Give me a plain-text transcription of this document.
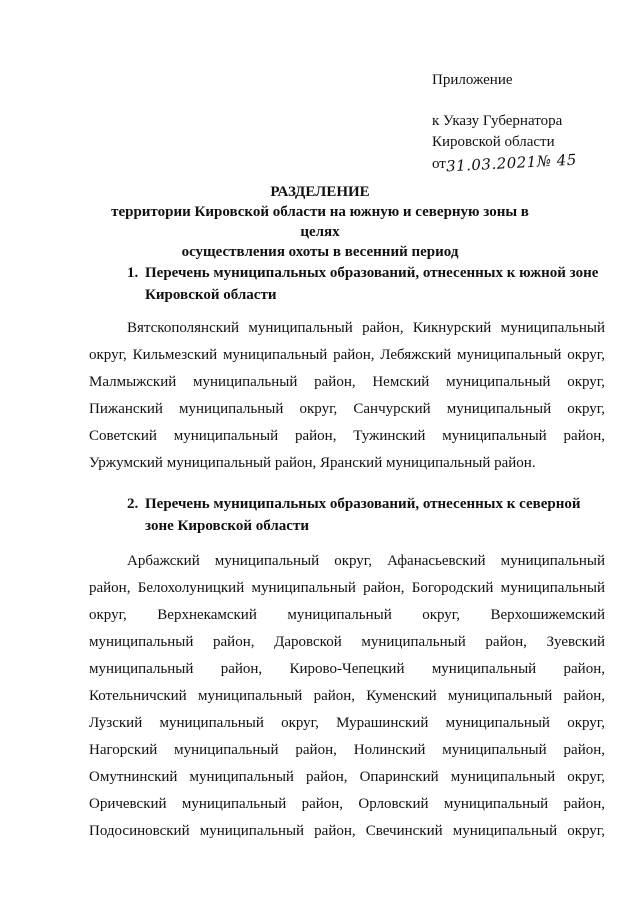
Приложение
к Указу Губернатора
Кировской области
от31.03.2021№ 45
РАЗДЕЛЕНИЕ
территории Кировской области на южную и северную зоны в целях
осуществления охоты в весенний период
1. Перечень муниципальных образований, отнесенных к южной зоне
Кировской области
Вятскополянский муниципальный район, Кикнурский муниципальный
округ, Кильмезский муниципальный район, Лебяжский муниципальный округ,
Малмыжский муниципальный район, Немский муниципальный округ,
Пижанский муниципальный округ, Санчурский муниципальный округ,
Советский муниципальный район, Тужинский муниципальный район,
Уржумский муниципальный район, Яранский муниципальный район.
2. Перечень муниципальных образований, отнесенных к северной
зоне Кировской области
Арбажский муниципальный округ, Афанасьевский муниципальный
район, Белохолуницкий муниципальный район, Богородский муниципальный
округ, Верхнекамский муниципальный округ, Верхошижемский
муниципальный район, Даровской муниципальный район, Зуевский
муниципальный район, Кирово-Чепецкий муниципальный район,
Котельничский муниципальный район, Куменский муниципальный район,
Лузский муниципальный округ, Мурашинский муниципальный округ,
Нагорский муниципальный район, Нолинский муниципальный район,
Омутнинский муниципальный район, Опаринский муниципальный округ,
Оричевский муниципальный район, Орловский муниципальный район,
Подосиновский муниципальный район, Свечинский муниципальный округ,
